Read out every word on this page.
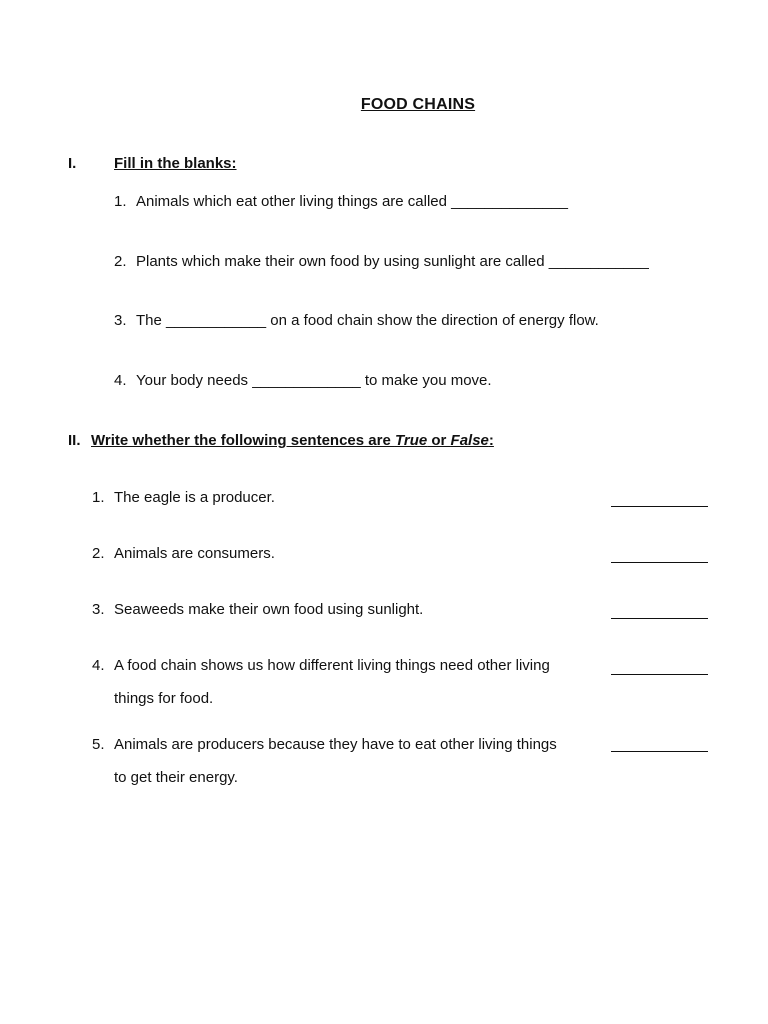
FOOD CHAINS
I.	Fill in the blanks:
1. Animals which eat other living things are called ______________
2. Plants which make their own food by using sunlight are called ____________
3. The ____________ on a food chain show the direction of energy flow.
4. Your body needs _____________ to make you move.
II. Write whether the following sentences are True or False:
1. The eagle is a producer.
2. Animals are consumers.
3. Seaweeds make their own food using sunlight.
4. A food chain shows us how different living things need other living
things for food.
5. Animals are producers because they have to eat other living things
to get their energy.
